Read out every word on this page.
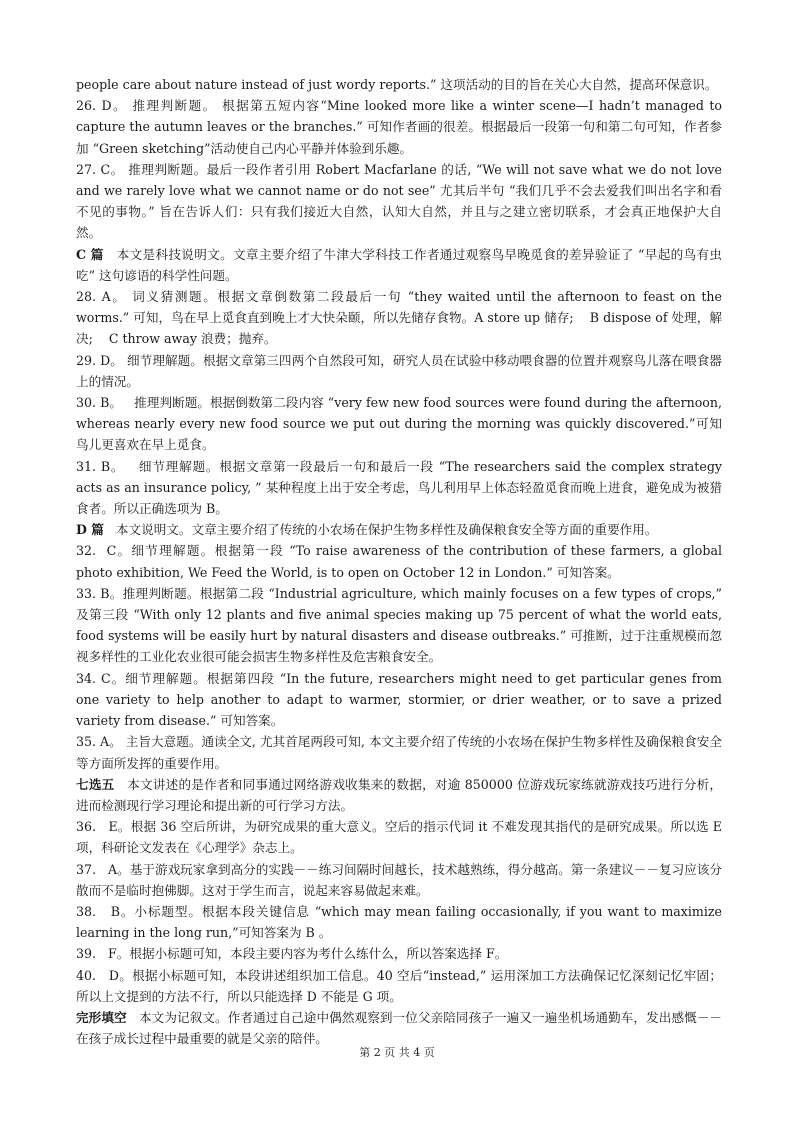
people care about nature instead of just wordy reports.” 这项活动的目的旨在关心大自然，提高环保意识。

26. D。 推理判断题。 根据第五短内容“Mine looked more like a winter scene—I hadn’t managed to capture the autumn leaves or the branches.” 可知作者画的很差。根据最后一段第一句和第二句可知，作者参加 “Green sketching”活动使自己内心平静并体验到乐趣。

27. C。 推理判断题。最后一段作者引用 Robert Macfarlane 的话, “We will not save what we do not love and we rarely love what we cannot name or do not see” 尤其后半句 “我们几乎不会去爱我们叫出名字和看不见的事物。” 旨在告诉人们：只有我们接近大自然，认知大自然，并且与之建立密切联系，才会真正地保护大自然。

C 篇 本文是科技说明文。文章主要介绍了牛津大学科技工作者通过观察鸟早晚觅食的差异验证了 “早起的鸟有虫吃” 这句谚语的科学性问题。

28. A。 词义猜测题。根据文章倒数第二段最后一句 “they waited until the afternoon to feast on the worms.” 可知，鸟在早上觅食直到晚上才大快朵颐，所以先储存食物。A store up 储存;    B dispose of 处理，解决;    C throw away 浪费；抛弃。

29. D。 细节理解题。根据文章第三四两个自然段可知，研究人员在试验中移动喂食器的位置并观察鸟儿落在喂食器上的情况。

30. B。   推理判断题。根据倒数第二段内容 “very few new food sources were found during the afternoon, whereas nearly every new food source we put out during the morning was quickly discovered.”可知鸟儿更喜欢在早上觅食。

31. B。   细节理解题。根据文章第一段最后一句和最后一段 “The researchers said the complex strategy acts as an insurance policy, ” 某种程度上出于安全考虑，鸟儿利用早上体态轻盈觅食而晚上进食，避免成为被猎食者。所以正确选项为 B。

D 篇 本文说明文。文章主要介绍了传统的小农场在保护生物多样性及确保粮食安全等方面的重要作用。

32.  C。细节理解题。根据第一段 “To raise awareness of the contribution of these farmers, a global photo exhibition, We Feed the World, is to open on October 12 in London.” 可知答案。

33. B。推理判断题。根据第二段 “Industrial agriculture, which mainly focuses on a few types of crops,” 及第三段 “With only 12 plants and five animal species making up 75 percent of what the world eats, food systems will be easily hurt by natural disasters and disease outbreaks.” 可推断，过于注重规模而忽视多样性的工业化农业很可能会损害生物多样性及危害粮食安全。

34. C。细节理解题。根据第四段 “In the future, researchers might need to get particular genes from one variety to help another to adapt to warmer, stormier, or drier weather, or to save a prized variety from disease.” 可知答案。

35. A。 主旨大意题。通读全文, 尤其首尾两段可知, 本文主要介绍了传统的小农场在保护生物多样性及确保粮食安全等方面所发挥的重要作用。

七选五 本文讲述的是作者和同事通过网络游戏收集来的数据，对逾 850000 位游戏玩家练就游戏技巧进行分析，进而检测现行学习理论和提出新的可行学习方法。

36.   E。根据 36 空后所讲，为研究成果的重大意义。空后的指示代词 it 不难发现其指代的是研究成果。所以选 E 项，科研论文发表在《心理学》杂志上。

37.   A。基于游戏玩家拿到高分的实践－－练习间隔时间越长，技术越熟练，得分越高。第一条建议－－复习应该分散而不是临时抱佛脚。这对于学生而言，说起来容易做起来难。

38.   B。小标题型。根据本段关键信息 “which may mean failing occasionally, if you want to maximize learning in the long run,”可知答案为 B 。

39.   F。根据小标题可知，本段主要内容为考什么练什么，所以答案选择 F。

40.   D。根据小标题可知，本段讲述组织加工信息。40 空后“instead,” 运用深加工方法确保记忆深刻记忆牢固；所以上文提到的方法不行，所以只能选择 D 不能是 G 项。

完形填空 本文为记叙文。作者通过自己途中偶然观察到一位父亲陪同孩子一遍又一遍坐机场通勤车，发出感慨－－在孩子成长过程中最重要的就是父亲的陪伴。

第 2 页 共 4 页
